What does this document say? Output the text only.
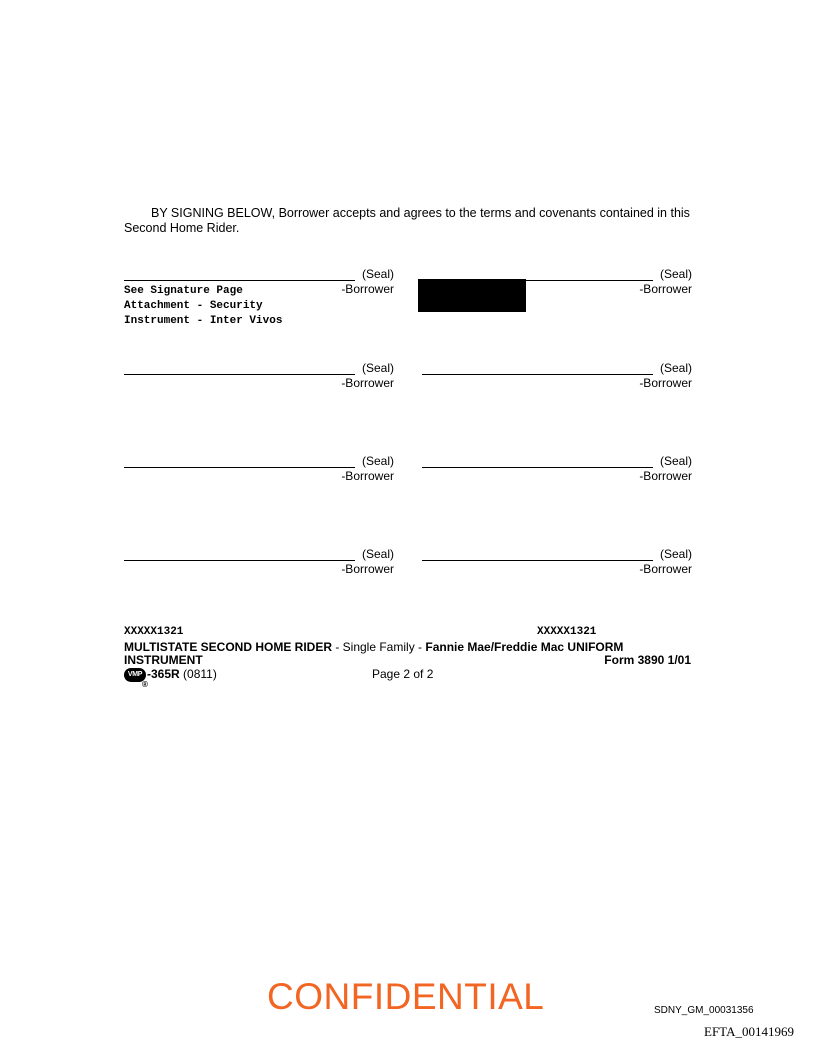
BY SIGNING BELOW, Borrower accepts and agrees to the terms and covenants contained in this Second Home Rider.
(Seal)
-Borrower
See Signature Page
Attachment - Security
Instrument - Inter Vivos
(Seal)
-Borrower
(Seal)
-Borrower
(Seal)
-Borrower
(Seal)
-Borrower
(Seal)
-Borrower
(Seal)
-Borrower
(Seal)
-Borrower
XXXXX1321	XXXXX1321
MULTISTATE SECOND HOME RIDER - Single Family - Fannie Mae/Freddie Mac UNIFORM
INSTRUMENT	Form 3890 1/01
VMP
®
-365R (0811)	Page 2 of 2
CONFIDENTIAL	SDNY_GM_00031356
EFTA_00141969
